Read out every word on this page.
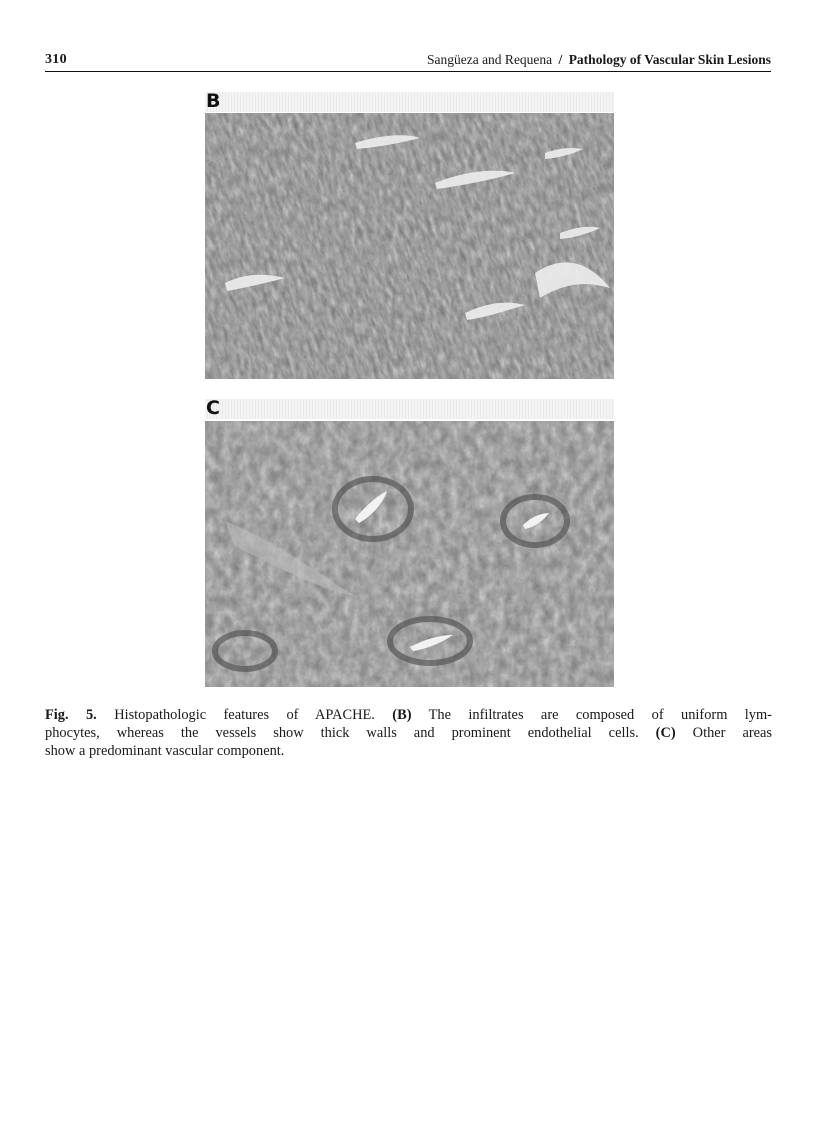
310	Sangüeza and Requena / Pathology of Vascular Skin Lesions
B
C
Fig. 5. Histopathologic features of APACHE. (B) The infiltrates are composed of uniform lym-
phocytes, whereas the vessels show thick walls and prominent endothelial cells. (C) Other areas
show a predominant vascular component.
